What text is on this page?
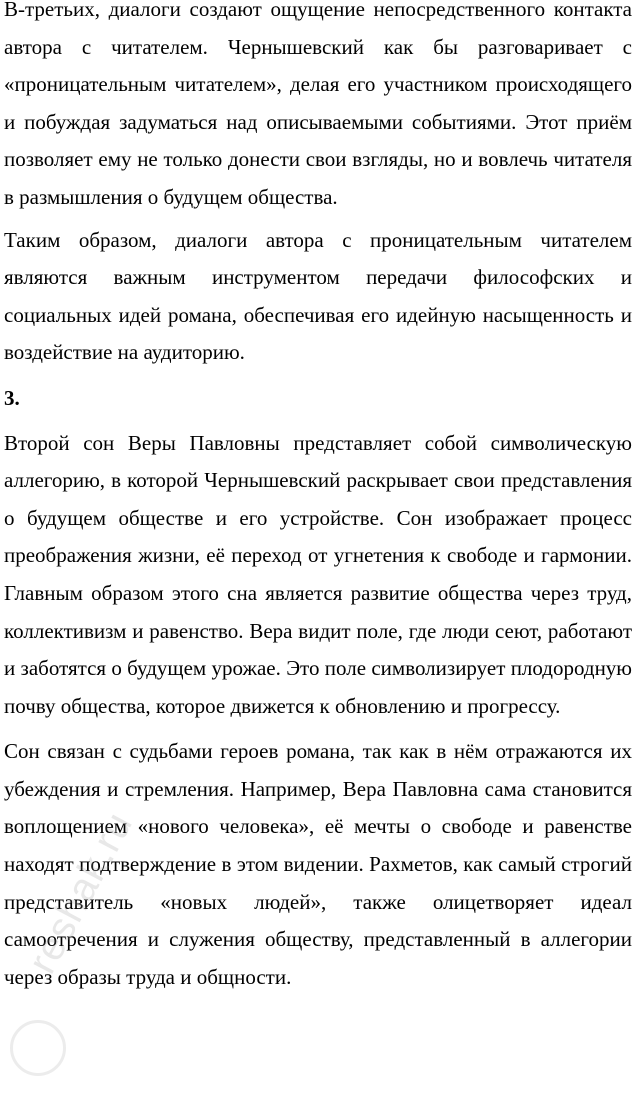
В-третьих, диалоги создают ощущение непосредственного контакта автора с читателем. Чернышевский как бы разговаривает с «проницательным читателем», делая его участником происходящего и побуждая задуматься над описываемыми событиями. Этот приём позволяет ему не только донести свои взгляды, но и вовлечь читателя в размышления о будущем общества.

Таким образом, диалоги автора с проницательным читателем являются важным инструментом передачи философских и социальных идей романа, обеспечивая его идейную насыщенность и воздействие на аудиторию.

3.

Второй сон Веры Павловны представляет собой символическую аллегорию, в которой Чернышевский раскрывает свои представления о будущем обществе и его устройстве. Сон изображает процесс преображения жизни, её переход от угнетения к свободе и гармонии. Главным образом этого сна является развитие общества через труд, коллективизм и равенство. Вера видит поле, где люди сеют, работают и заботятся о будущем урожае. Это поле символизирует плодородную почву общества, которое движется к обновлению и прогрессу.

Сон связан с судьбами героев романа, так как в нём отражаются их убеждения и стремления. Например, Вера Павловна сама становится воплощением «нового человека», её мечты о свободе и равенстве находят подтверждение в этом видении. Рахметов, как самый строгий представитель «новых людей», также олицетворяет идеал самоотречения и служения обществу, представленный в аллегории через образы труда и общности.

reshak.ru
